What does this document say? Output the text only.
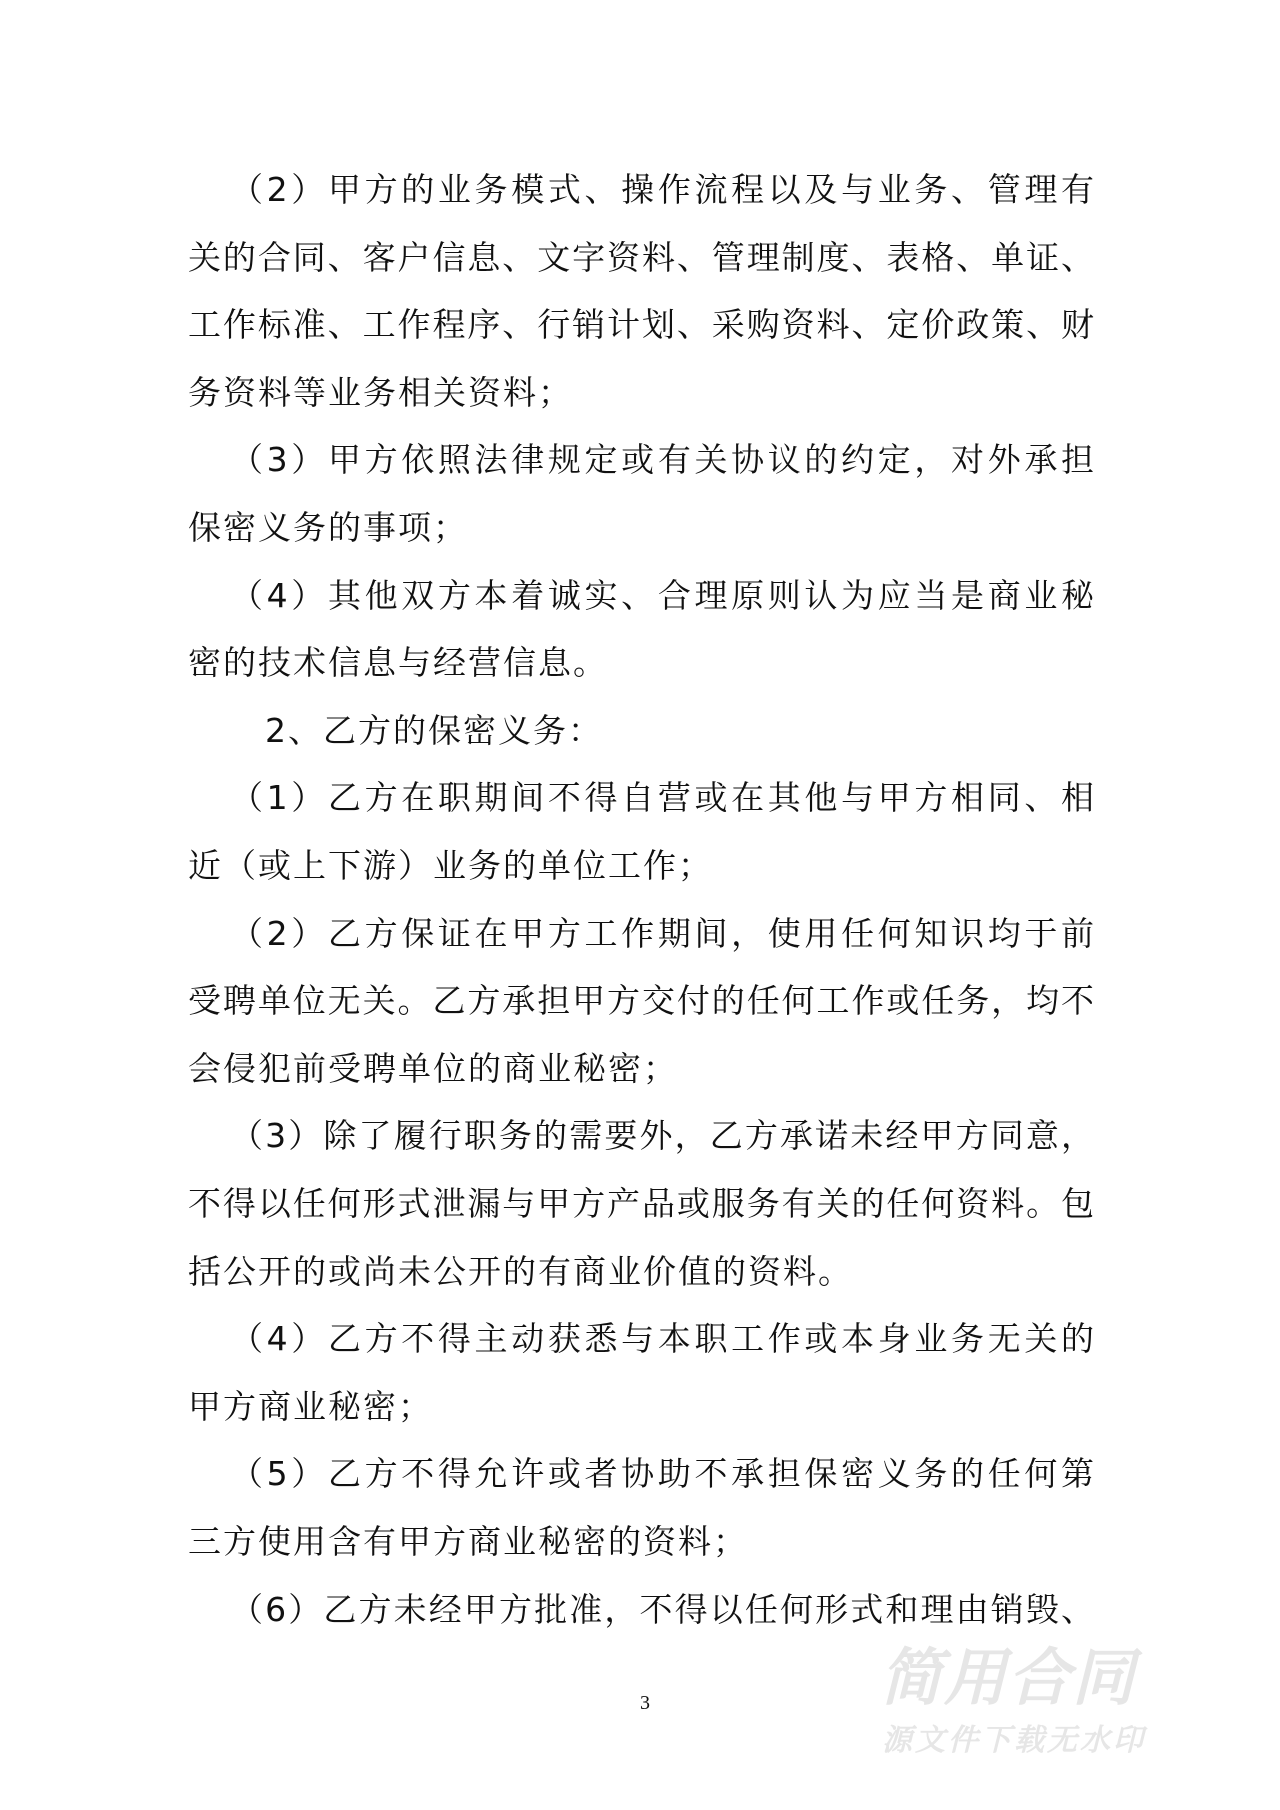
（2）甲方的业务模式、操作流程以及与业务、管理有
关的合同、客户信息、文字资料、管理制度、表格、单证、
工作标准、工作程序、行销计划、采购资料、定价政策、财
务资料等业务相关资料；
（3）甲方依照法律规定或有关协议的约定，对外承担
保密义务的事项；
（4）其他双方本着诚实、合理原则认为应当是商业秘
密的技术信息与经营信息。
2、乙方的保密义务：
（1）乙方在职期间不得自营或在其他与甲方相同、相
近（或上下游）业务的单位工作；
（2）乙方保证在甲方工作期间，使用任何知识均于前
受聘单位无关。乙方承担甲方交付的任何工作或任务，均不
会侵犯前受聘单位的商业秘密；
（3）除了履行职务的需要外，乙方承诺未经甲方同意，
不得以任何形式泄漏与甲方产品或服务有关的任何资料。包
括公开的或尚未公开的有商业价值的资料。
（4）乙方不得主动获悉与本职工作或本身业务无关的
甲方商业秘密；
（5）乙方不得允许或者协助不承担保密义务的任何第
三方使用含有甲方商业秘密的资料；
（6）乙方未经甲方批准，不得以任何形式和理由销毁、
3	简用合同
源文件下载无水印
